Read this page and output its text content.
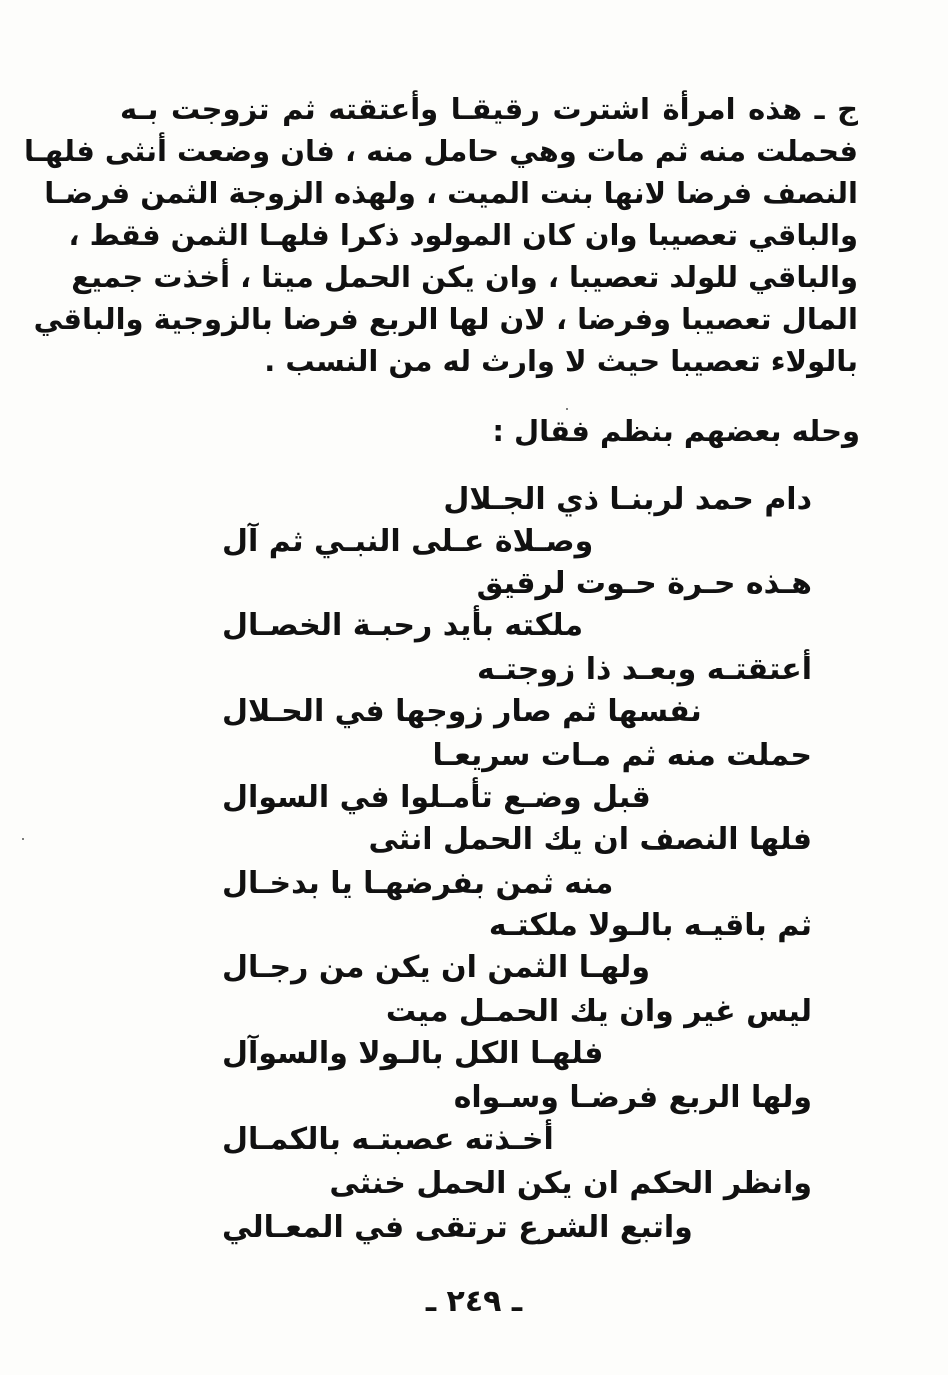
ج ـ هذه امرأة اشترت رقيقـا وأعتقته ثم تزوجت بـه
فحملت منه ثم مات وهي حامل منه ، فان وضعت أنثى فلهـا
النصف فرضا لانها بنت الميت ، ولهذه الزوجة الثمن فرضـا
والباقي تعصيبا وان كان المولود ذكرا فلهـا الثمن فقط ،
والباقي للولد تعصيبا ، وان يكن الحمل ميتا ، أخذت جميع
المال تعصيبا وفرضا ، لان لها الربع فرضا بالزوجية والباقي
بالولاء تعصيبا حيث لا وارث له من النسب .
وحله بعضهم بنظم فقال :
دام حمد لربنـا ذي الجـلال
وصـلاة عـلى النبـي ثم آل
هـذه حـرة حـوت لرقيق
ملكته بأيد رحبـة الخصـال
أعتقتـه وبعـد ذا زوجتـه
نفسها ثم صار زوجها في الحـلال
حملت منه ثم مـات سريعـا
قبل وضـع تأمـلوا في السوال
فلها النصف ان يك الحمل انثى
منه ثمن بفرضهـا يا بدخـال
ثم باقيـه بالـولا ملكتـه
ولهـا الثمن ان يكن من رجـال
ليس غير وان يك الحمـل ميت
فلهـا الكل بالـولا والسوآل
ولها الربع فرضـا وسـواه
أخـذته عصبتـه بالكمـال
وانظر الحكم ان يكن الحمل خنثى
واتبع الشرع ترتقى في المعـالي
ـ ٢٤٩ ـ
